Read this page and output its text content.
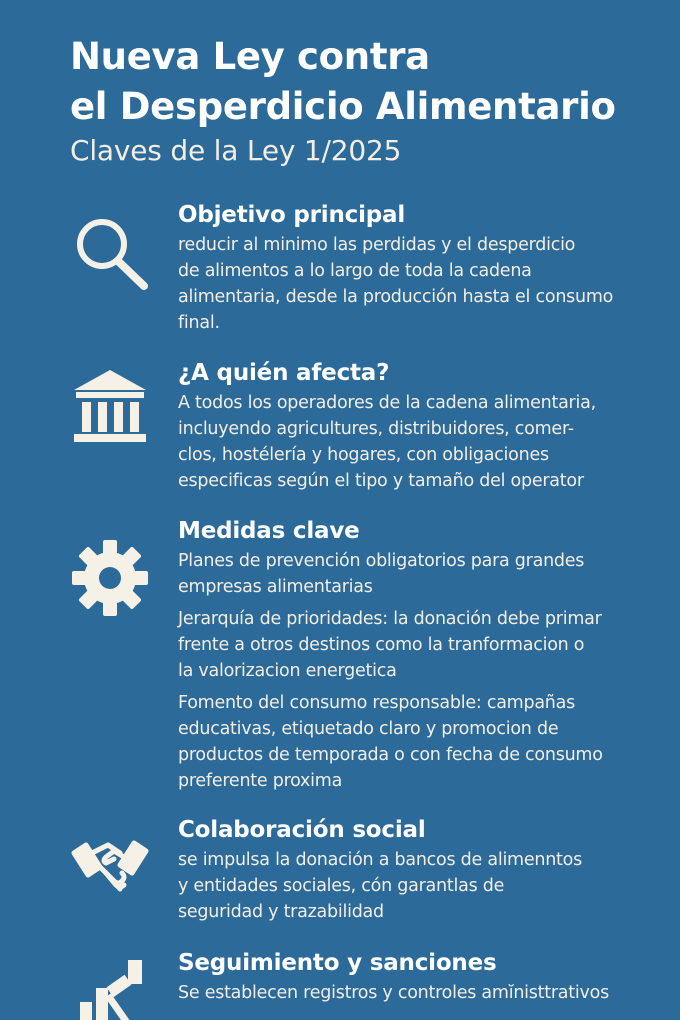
Nueva Ley contra
el Desperdicio Alimentario

Claves de la Ley 1/2025

Objetivo principal

reducir al minimo las perdidas y el desperdicio
de alimentos a lo largo de toda la cadena
alimentaria, desde la producción hasta el consumo
final.

¿A quién afecta?

A todos los operadores de la cadena alimentaria,
incluyendo agricultures, distribuidores, comer-
clos, hostélería y hogares, con obligaciones
especificas según el tipo y tamaño del operator

Medidas clave

Planes de prevención obligatorios para grandes
empresas alimentarias

Jerarquía de prioridades: la donación debe primar
frente a otros destinos como la tranformacion o
la valorizacion energetica

Fomento del consumo responsable: campañas
educativas, etiquetado claro y promocion de
productos de temporada o con fecha de consumo
preferente proxima

Colaboración social

se impulsa la donación a bancos de alimenntos
y entidades sociales, cón garantlas de
seguridad y trazabilidad

Seguimiento y sanciones

Se establecen registros y controles amĭnisttrativos
